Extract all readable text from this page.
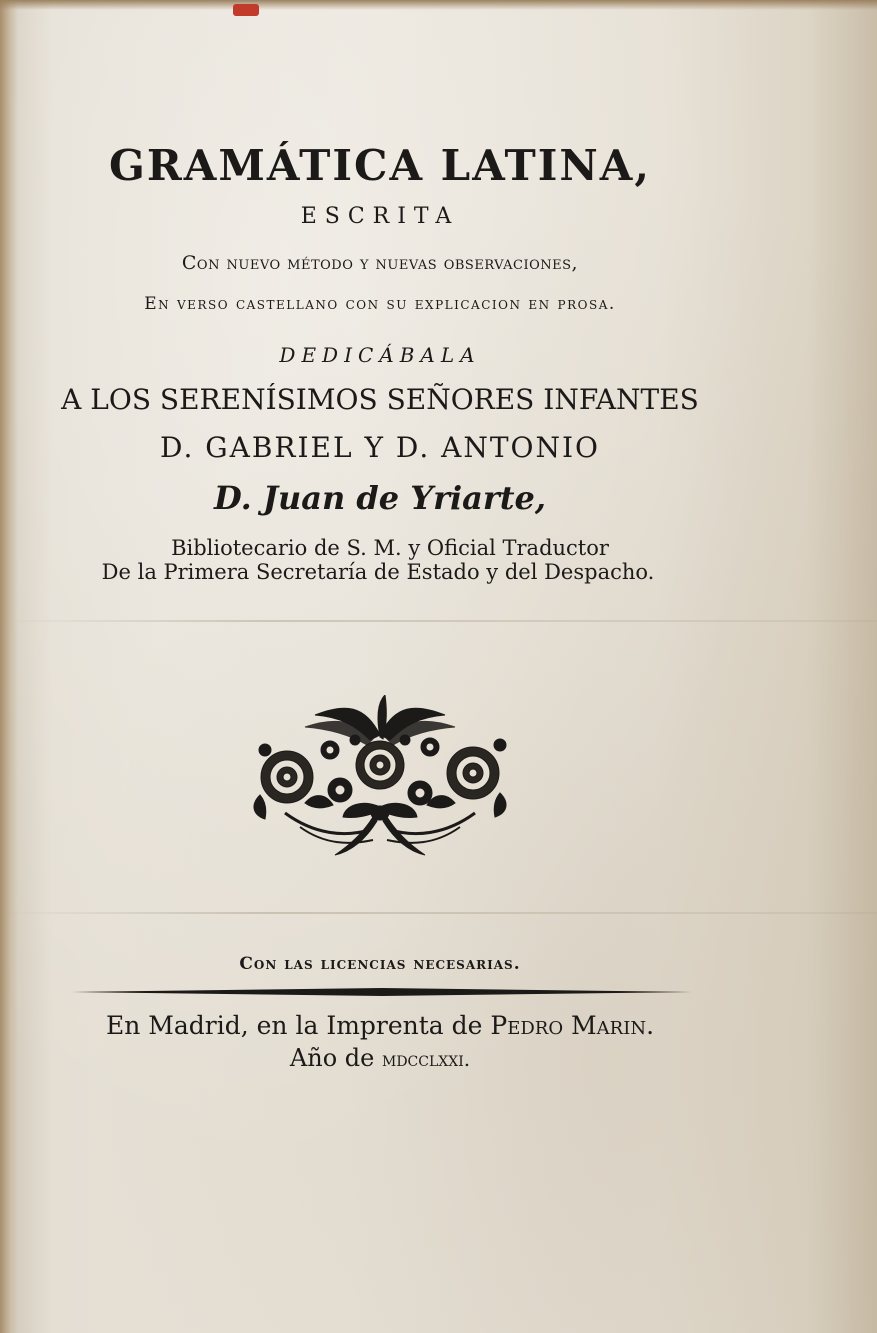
GRAMÁTICA LATINA,
ESCRITA
Con nuevo método y nuevas observaciones,
En verso castellano con su explicacion en prosa.
DEDICÁBALA
A LOS SERENÍSIMOS SEÑORES INFANTES
D. GABRIEL Y D. ANTONIO
D. Juan de Yriarte,
Bibliotecario de S. M. y Oficial Traductor
De la Primera Secretaría de Estado y del Despacho.
Con las licencias necesarias.
En Madrid, en la Imprenta de Pedro Marin.
Año de mdcclxxi.
